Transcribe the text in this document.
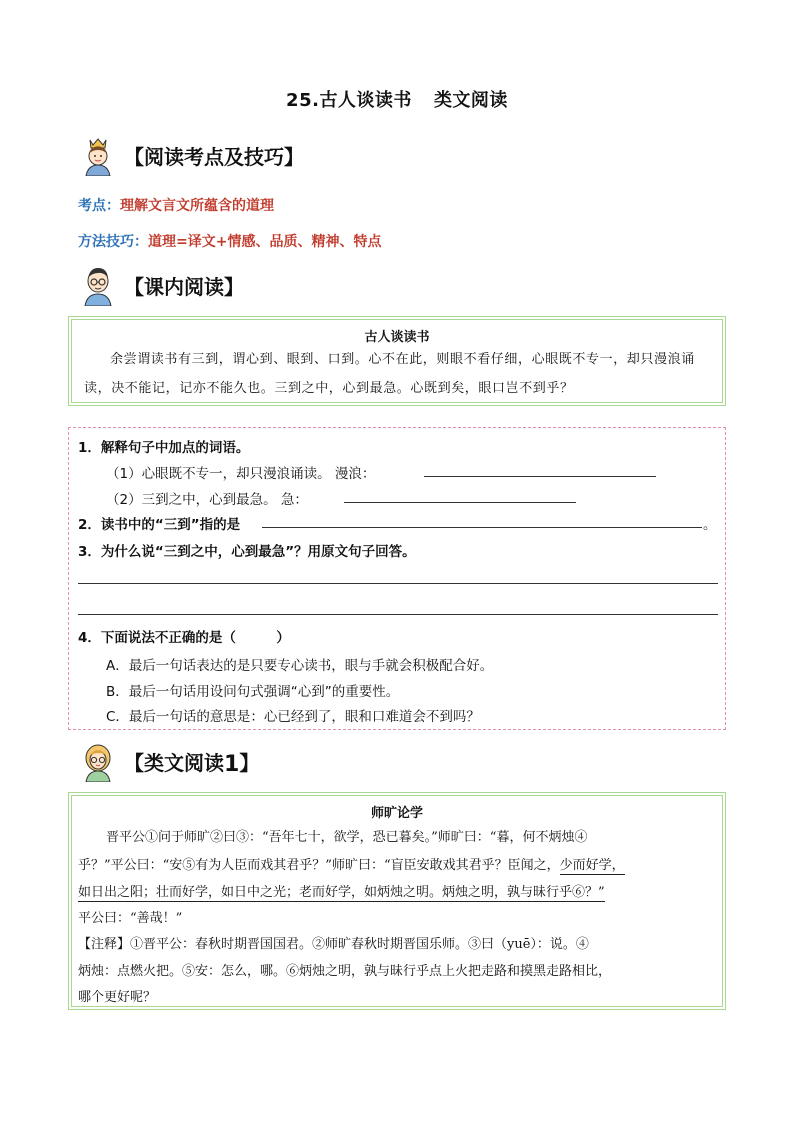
25.古人谈读书 类文阅读
【阅读考点及技巧】
考点：理解文言文所蕴含的道理
方法技巧：道理=译文+情感、品质、精神、特点
【课内阅读】
古人谈读书

余尝谓读书有三到，谓心到、眼到、口到。心不在此，则眼不看仔细，心眼既不专一，却只漫浪诵读，决不能记，记亦不能久也。三到之中，心到最急。心既到矣，眼口岂不到乎？

1．解释句子中加点的词语。
（1）心眼既不专一，却只漫浪诵读。 漫浪：
（2）三到之中，心到最急。 急：
2．读书中的“三到”指的是	。
3．为什么说“三到之中，心到最急”？用原文句子回答。
4．下面说法不正确的是（　　　）
A．最后一句话表达的是只要专心读书，眼与手就会积极配合好。
B．最后一句话用设问句式强调“心到”的重要性。
C．最后一句话的意思是：心已经到了，眼和口难道会不到吗？
【类文阅读 1 】
师旷论学
晋平公①问于师旷②曰③：“吾年七十，欲学，恐已暮矣。”师旷曰：“暮，何不炳烛④
乎？”平公曰：“安⑤有为人臣而戏其君乎？”师旷曰：“盲臣安敢戏其君乎？臣闻之，少而好学，
如日出之阳；壮而好学，如日中之光；老而好学，如炳烛之明。炳烛之明，孰与昧行乎⑥？”
平公曰：“善哉！”
【注释】①晋平公：春秋时期晋国国君。②师旷春秋时期晋国乐师。③曰（yuē）：说。④
炳烛：点燃火把。⑤安：怎么，哪。⑥炳烛之明，孰与昧行乎点上火把走路和摸黑走路相比，
哪个更好呢？
